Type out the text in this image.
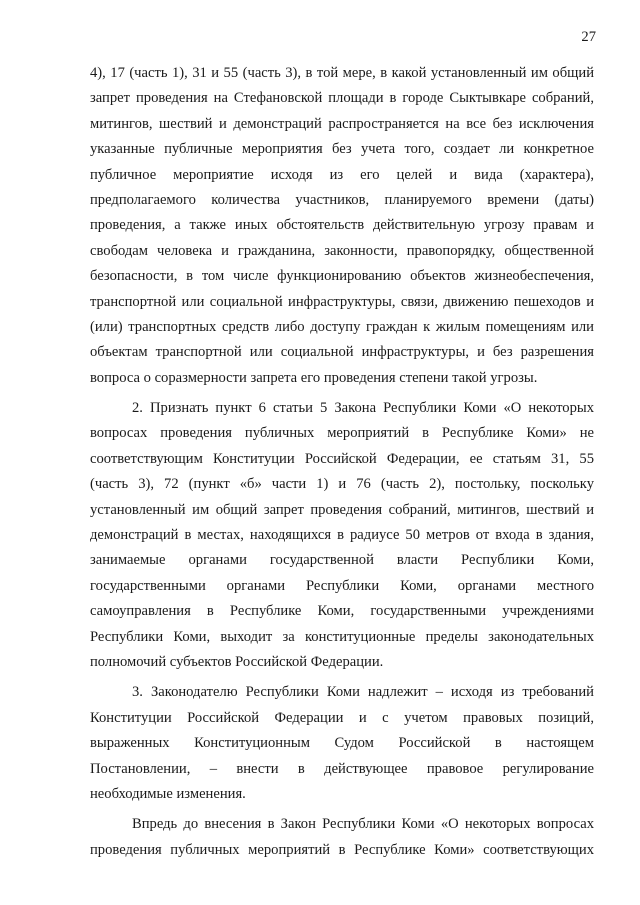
27
4), 17 (часть 1), 31 и 55 (часть 3), в той мере, в какой установленный им общий
запрет проведения на Стефановской площади в городе Сыктывкаре собраний,
митингов, шествий и демонстраций распространяется на все без исключения
указанные публичные мероприятия без учета того, создает ли конкретное
публичное мероприятие исходя из его целей и вида (характера),
предполагаемого количества участников, планируемого времени (даты)
проведения, а также иных обстоятельств действительную угрозу правам и
свободам человека и гражданина, законности, правопорядку, общественной
безопасности, в том числе функционированию объектов жизнеобеспечения,
транспортной или социальной инфраструктуры, связи, движению пешеходов и
(или) транспортных средств либо доступу граждан к жилым помещениям или
объектам транспортной или социальной инфраструктуры, и без разрешения
вопроса о соразмерности запрета его проведения степени такой угрозы.
2. Признать пункт 6 статьи 5 Закона Республики Коми «О некоторых
вопросах проведения публичных мероприятий в Республике Коми» не
соответствующим Конституции Российской Федерации, ее статьям 31, 55
(часть 3), 72 (пункт «б» части 1) и 76 (часть 2), постольку, поскольку
установленный им общий запрет проведения собраний, митингов, шествий и
демонстраций в местах, находящихся в радиусе 50 метров от входа в здания,
занимаемые органами государственной власти Республики Коми,
государственными органами Республики Коми, органами местного
самоуправления в Республике Коми, государственными учреждениями
Республики Коми, выходит за конституционные пределы законодательных
полномочий субъектов Российской Федерации.
3. Законодателю Республики Коми надлежит – исходя из требований
Конституции Российской Федерации и с учетом правовых позиций,
выраженных Конституционным Судом Российской в настоящем
Постановлении, – внести в действующее правовое регулирование
необходимые изменения.
Впредь до внесения в Закон Республики Коми «О некоторых вопросах
проведения публичных мероприятий в Республике Коми» соответствующих
